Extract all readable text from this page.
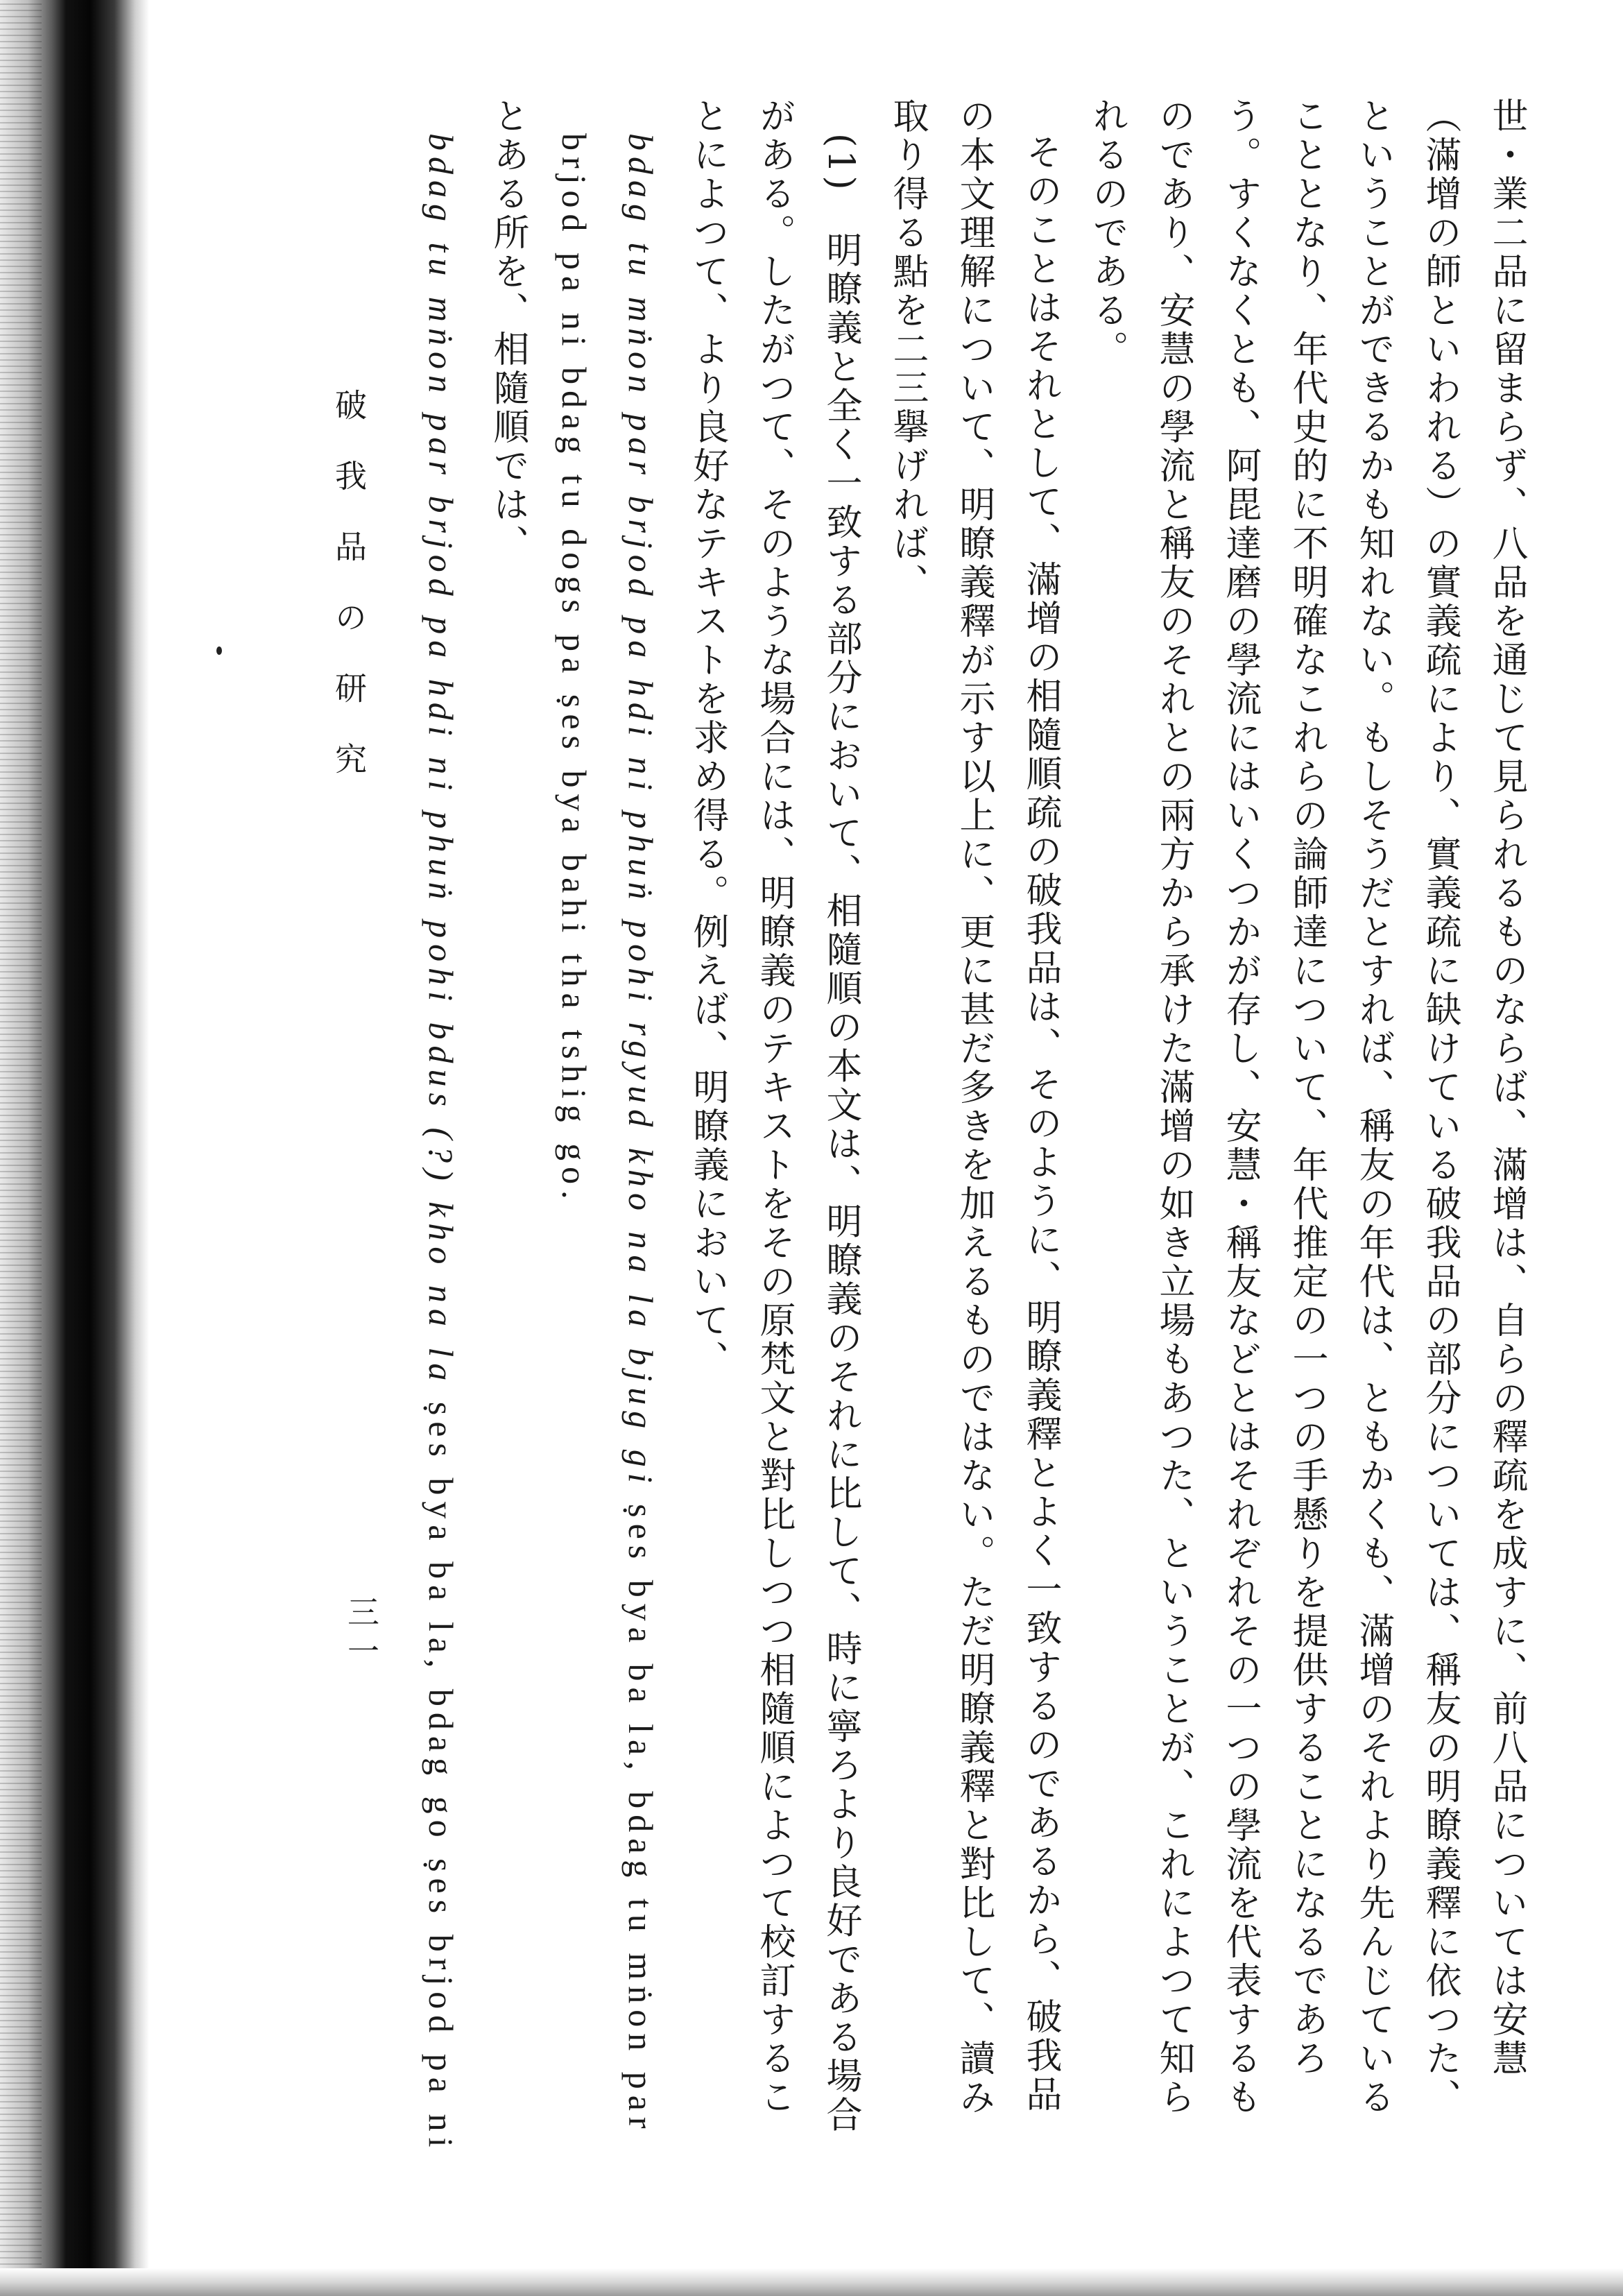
世・業二品に留まらず、八品を通じて見られるものならば、滿增は、自らの釋疏を成すに、前八品については安慧
（滿增の師といわれる）の實義疏により、實義疏に缺けている破我品の部分については、稱友の明瞭義釋に依つた、
ということができるかも知れない。もしそうだとすれば、稱友の年代は、ともかくも、滿增のそれより先んじている
こととなり、年代史的に不明確なこれらの論師達について、年代推定の一つの手懸りを提供することになるであろ
う。すくなくとも、阿毘達磨の學流にはいくつかが存し、安慧・稱友などとはそれぞれその一つの學流を代表するも
のであり、安慧の學流と稱友のそれとの兩方から承けた滿增の如き立場もあつた、ということが、これによつて知ら
れるのである。
そのことはそれとして、滿增の相隨順疏の破我品は、そのように、明瞭義釋とよく一致するのであるから、破我品
の本文理解について、明瞭義釋が示す以上に、更に甚だ多きを加えるものではない。ただ明瞭義釋と對比して、讀み
取り得る點を二三擧げれば、
(1)　明瞭義と全く一致する部分において、相隨順の本文は、明瞭義のそれに比して、時に寧ろより良好である場合
がある。したがつて、そのような場合には、明瞭義のテキストをその原梵文と對比しつつ相隨順によつて校訂するこ
とによつて、より良好なテキストを求め得る。例えば、明瞭義において、
bdag tu mṅon par brjod pa hdi ni phuṅ pohi rgyud kho na la bjug gi ṣes bya ba la, bdag tu mṅon par
brjod pa ni bdag tu dogs pa ṣes bya bahi tha tshig go.
とある所を、相隨順では、
bdag tu mṅon par brjod pa hdi ni phuṅ pohi bdus (?) kho na la ṣes bya ba la, bdag go ṣes brjod pa ni
破我品の研究
三一
